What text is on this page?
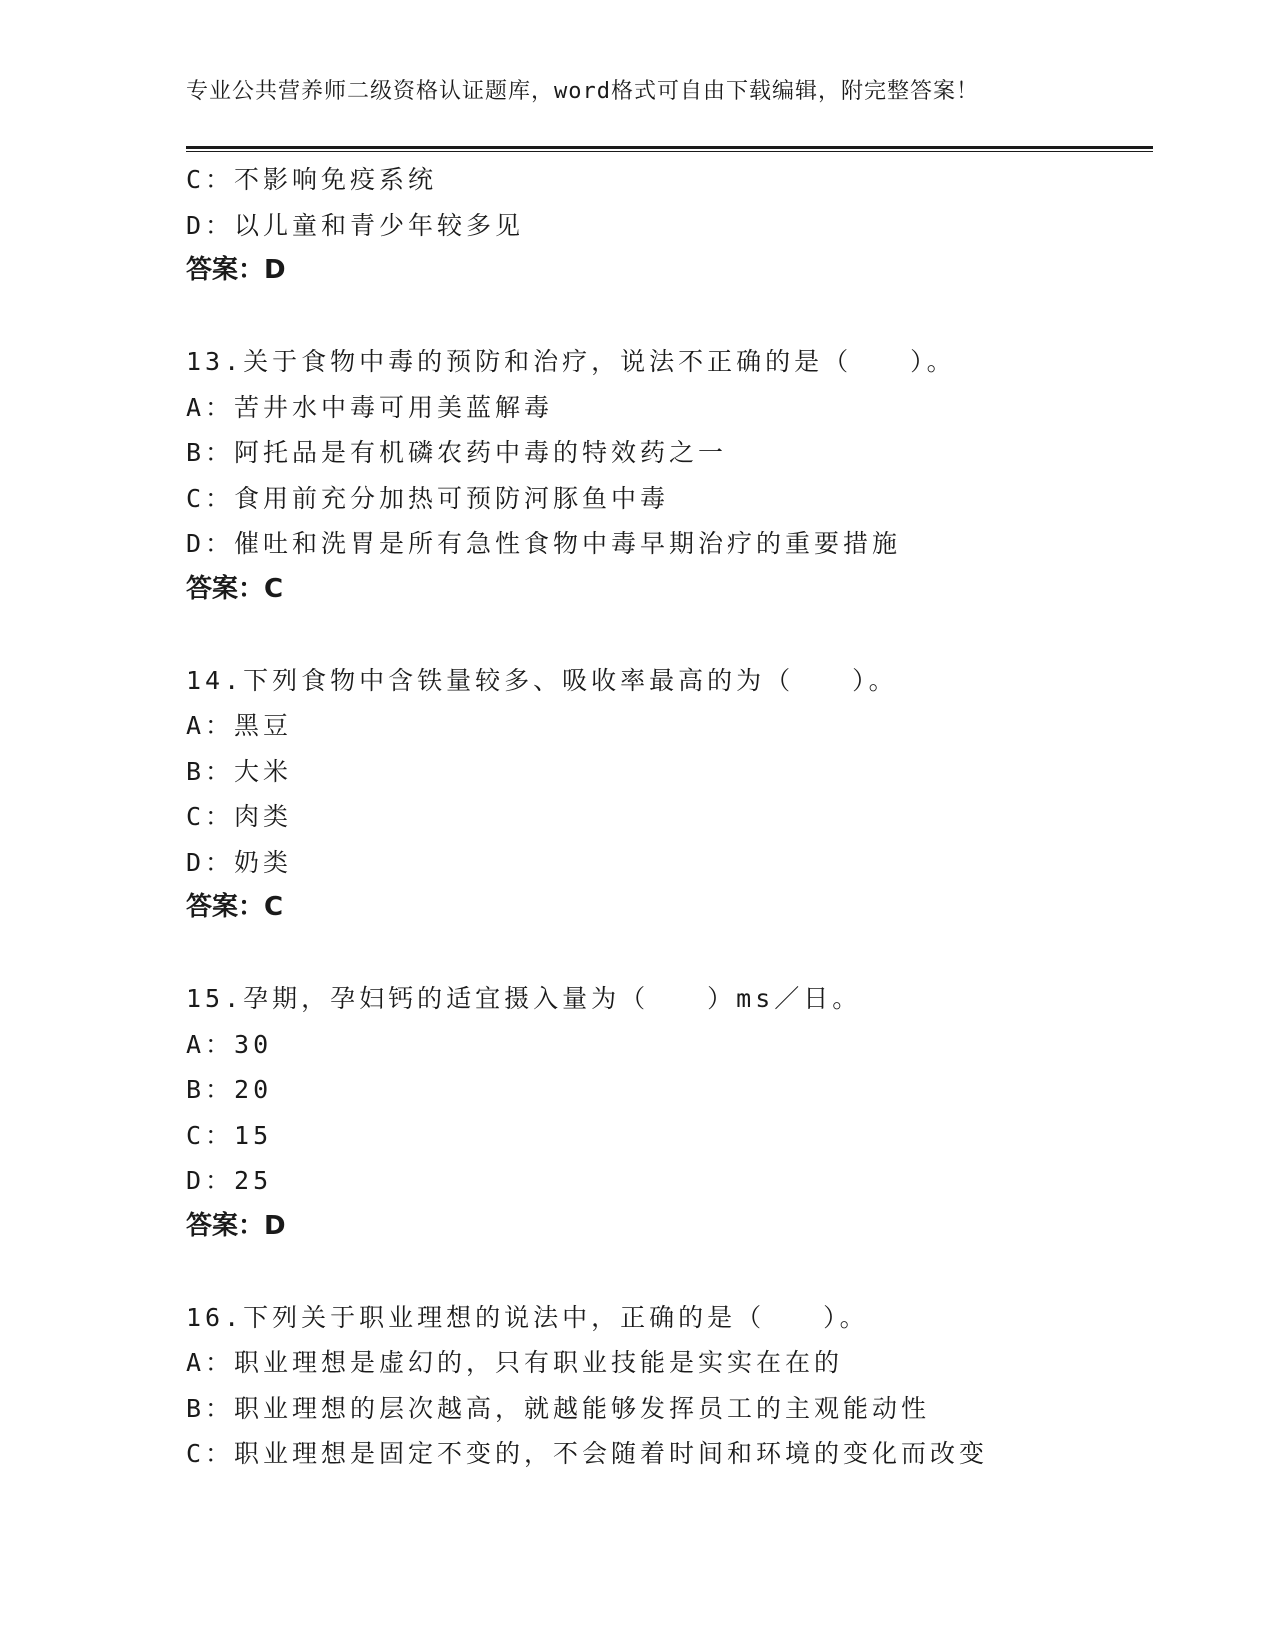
专业公共营养师二级资格认证题库，word格式可自由下载编辑，附完整答案！
C：不影响免疫系统
D：以儿童和青少年较多见
答案：D
13.关于食物中毒的预防和治疗，说法不正确的是（　　）。
A：苦井水中毒可用美蓝解毒
B：阿托品是有机磷农药中毒的特效药之一
C：食用前充分加热可预防河豚鱼中毒
D：催吐和洗胃是所有急性食物中毒早期治疗的重要措施
答案：C
14.下列食物中含铁量较多、吸收率最高的为（　　）。
A：黑豆
B：大米
C：肉类
D：奶类
答案：C
15.孕期，孕妇钙的适宜摄入量为（　　）ms／日。
A：30
B：20
C：15
D：25
答案：D
16.下列关于职业理想的说法中，正确的是（　　）。
A：职业理想是虚幻的，只有职业技能是实实在在的
B：职业理想的层次越高，就越能够发挥员工的主观能动性
C：职业理想是固定不变的，不会随着时间和环境的变化而改变
